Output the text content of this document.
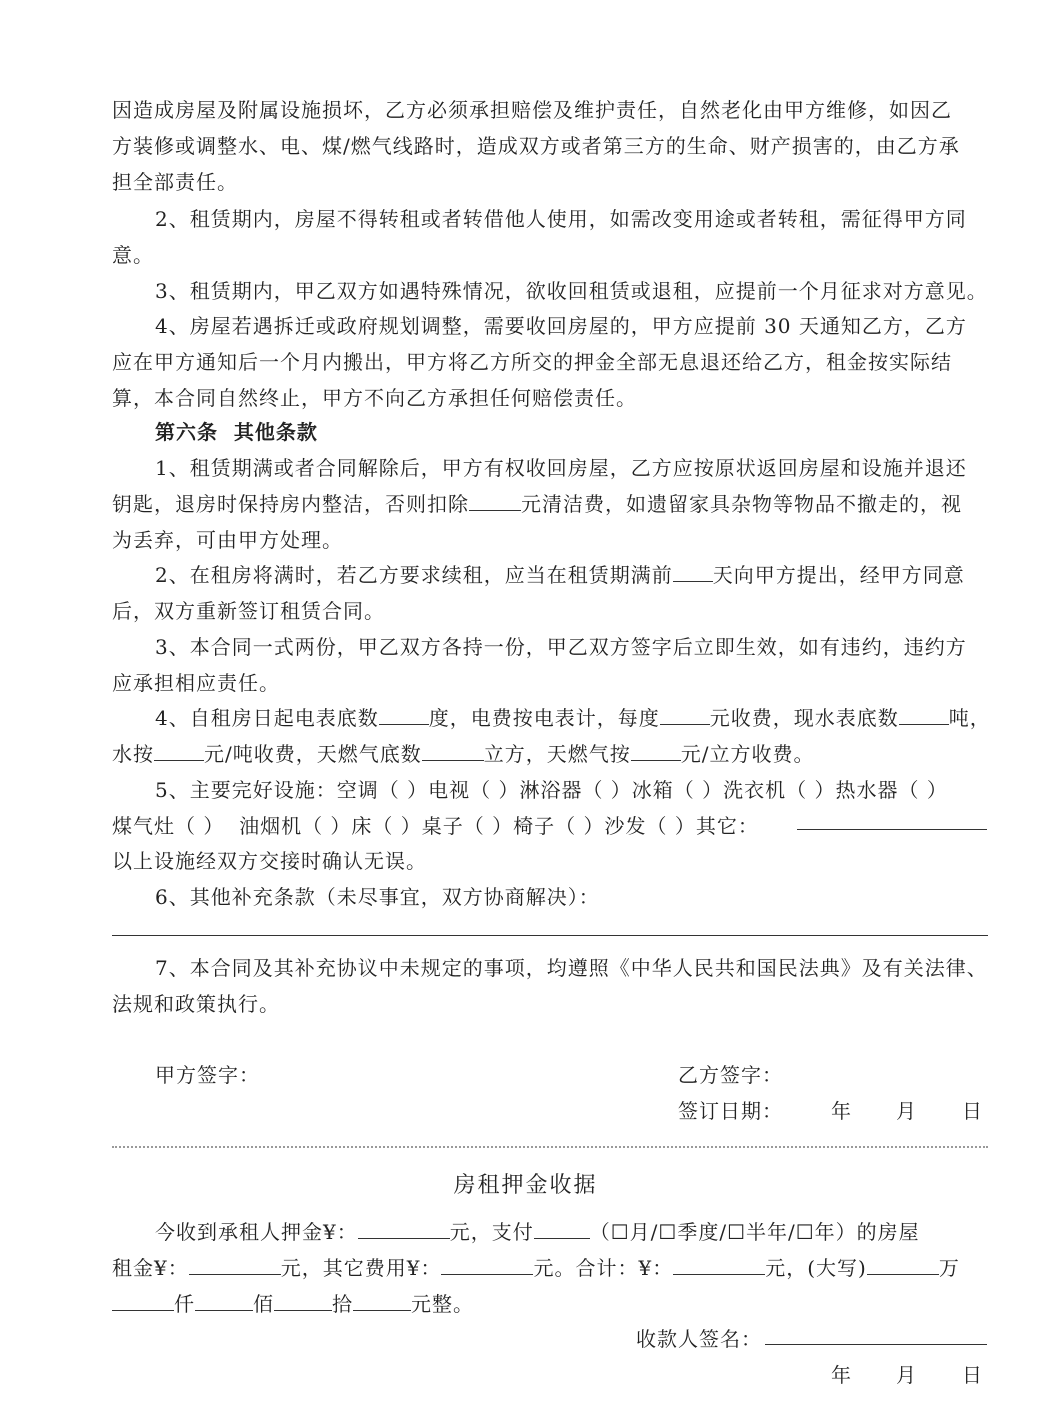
因造成房屋及附属设施损坏，乙方必须承担赔偿及维护责任，自然老化由甲方维修，如因乙
方装修或调整水、电、煤/燃气线路时，造成双方或者第三方的生命、财产损害的，由乙方承
担全部责任。
2、租赁期内，房屋不得转租或者转借他人使用，如需改变用途或者转租，需征得甲方同
意。
3、租赁期内，甲乙双方如遇特殊情况，欲收回租赁或退租，应提前一个月征求对方意见。
4、房屋若遇拆迁或政府规划调整，需要收回房屋的，甲方应提前 30 天通知乙方，乙方
应在甲方通知后一个月内搬出，甲方将乙方所交的押金全部无息退还给乙方，租金按实际结
算，本合同自然终止，甲方不向乙方承担任何赔偿责任。
第六条  其他条款
1、租赁期满或者合同解除后，甲方有权收回房屋，乙方应按原状返回房屋和设施并退还
钥匙，退房时保持房内整洁，否则扣除	元清洁费，如遗留家具杂物等物品不撤走的，视
为丢弃，可由甲方处理。
2、在租房将满时，若乙方要求续租，应当在租赁期满前 天向甲方提出，经甲方同意
后，双方重新签订租赁合同。
3、本合同一式两份，甲乙双方各持一份，甲乙双方签字后立即生效，如有违约，违约方
应承担相应责任。
4、自租房日起电表底数	度，电费按电表计，每度	元收费，现水表底数	吨，
水按	元/吨收费，天燃气底数	立方，天燃气按	元/立方收费。
5、主要完好设施：空调（ ）电视（ ）淋浴器（ ）冰箱（ ）洗衣机（ ）热水器（ ）
煤气灶（ ）  油烟机（ ）床（ ）桌子（ ）椅子（ ）沙发（ ）其它：
以上设施经双方交接时确认无误。
6、其他补充条款（未尽事宜，双方协商解决）：
7、本合同及其补充协议中未规定的事项，均遵照《中华人民共和国民法典》及有关法律、
法规和政策执行。
甲方签字：	乙方签字：
签订日期： 年 月 日
房租押金收据
今收到承租人押金¥：	元，支付	（☐月/☐季度/☐半年/☐年）的房屋
租金¥：	元，其它费用¥：	元。合计：¥：	元，(大写)	万
仟	佰	拾	元整。
收款人签名：
年 月 日
